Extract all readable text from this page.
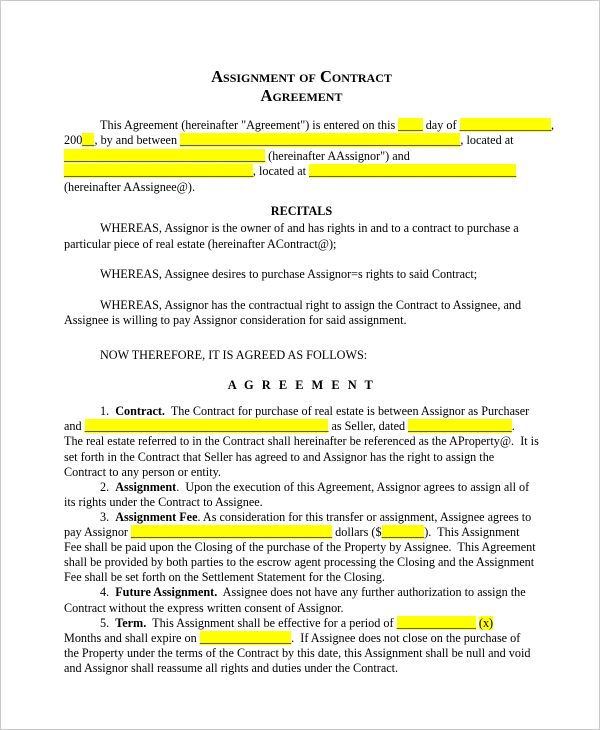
Assignment of Contract
Agreement
This Agreement (hereinafter "Agreement") is entered on this ____ day of _______________,
200__, by and between ______________________________________________, located at
_________________________________ (hereinafter AAssignor") and
_______________________________, located at __________________________________
(hereinafter AAssignee@).
RECITALS
WHEREAS, Assignor is the owner of and has rights in and to a contract to purchase a
particular piece of real estate (hereinafter AContract@);
WHEREAS, Assignee desires to purchase Assignor=s rights to said Contract;
WHEREAS, Assignor has the contractual right to assign the Contract to Assignee, and
Assignee is willing to pay Assignor consideration for said assignment.
NOW THEREFORE, IT IS AGREED AS FOLLOWS:
A G R E E M E N T
1.  Contract.  The Contract for purchase of real estate is between Assignor as Purchaser
and ________________________________________ as Seller, dated _________________.
The real estate referred to in the Contract shall hereinafter be referenced as the AProperty@.  It is
set forth in the Contract that Seller has agreed to and Assignor has the right to assign the
Contract to any person or entity.
2.  Assignment.  Upon the execution of this Agreement, Assignor agrees to assign all of
its rights under the Contract to Assignee.
3.  Assignment Fee. As consideration for this transfer or assignment, Assignee agrees to
pay Assignor _________________________________ dollars ($_______).  This Assignment
Fee shall be paid upon the Closing of the purchase of the Property by Assignee.  This Agreement
shall be provided by both parties to the escrow agent processing the Closing and the Assignment
Fee shall be set forth on the Settlement Statement for the Closing.
4.  Future Assignment.  Assignee does not have any further authorization to assign the
Contract without the express written consent of Assignor.
5.  Term.  This Assignment shall be effective for a period of _____________ (x)
Months and shall expire on _______________.  If Assignee does not close on the purchase of
the Property under the terms of the Contract by this date, this Assignment shall be null and void
and Assignor shall reassume all rights and duties under the Contract.
